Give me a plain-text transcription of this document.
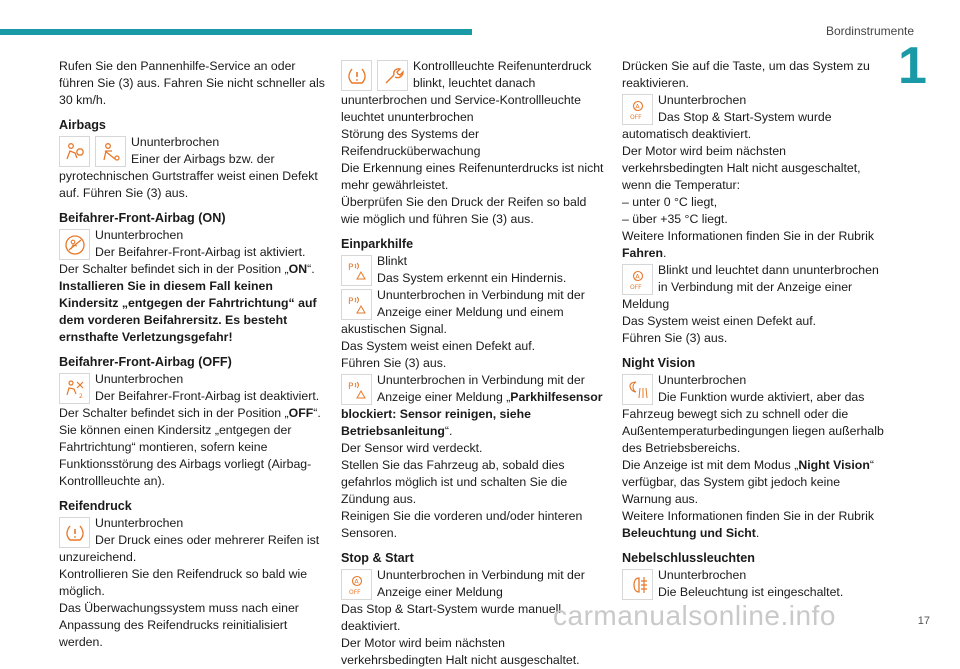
Bordinstrumente
1

Rufen Sie den Pannenhilfe-Service an oder führen Sie (3) aus. Fahren Sie nicht schneller als 30 km/h.

Airbags
Ununterbrochen
Einer der Airbags bzw. der pyrotechnischen Gurtstraffer weist einen Defekt auf. Führen Sie (3) aus.
Beifahrer-Front-Airbag (ON)
Ununterbrochen
Der Beifahrer-Front-Airbag ist aktiviert.
Der Schalter befindet sich in der Position „ON“.
Installieren Sie in diesem Fall keinen Kindersitz „entgegen der Fahrtrichtung“ auf dem vorderen Beifahrersitz. Es besteht ernsthafte Verletzungsgefahr!
Beifahrer-Front-Airbag (OFF)
2
Ununterbrochen
Der Beifahrer-Front-Airbag ist deaktiviert.
Der Schalter befindet sich in der Position „OFF“.
Sie können einen Kindersitz „entgegen der Fahrtrichtung“ montieren, sofern keine Funktionsstörung des Airbags vorliegt (Airbag-Kontrollleuchte an).
Reifendruck
Ununterbrochen
Der Druck eines oder mehrerer Reifen ist unzureichend.
Kontrollieren Sie den Reifendruck so bald wie möglich.
Das Überwachungssystem muss nach einer Anpassung des Reifendrucks reinitialisiert werden.
Kontrollleuchte Reifenunterdruck blinkt, leuchtet danach ununterbrochen und Service-Kontrollleuchte leuchtet ununterbrochen
Störung des Systems der Reifendrucküberwachung
Die Erkennung eines Reifenunterdrucks ist nicht mehr gewährleistet.
Überprüfen Sie den Druck der Reifen so bald wie möglich und führen Sie (3) aus.
Einparkhilfe
P Blinkt
Das System erkennt ein Hindernis.
P Ununterbrochen in Verbindung mit der Anzeige einer Meldung und einem akustischen Signal.
Das System weist einen Defekt auf.
Führen Sie (3) aus.
P Ununterbrochen in Verbindung mit der Anzeige einer Meldung „Parkhilfesensor blockiert: Sensor reinigen, siehe Betriebsanleitung“.
Der Sensor wird verdeckt.
Stellen Sie das Fahrzeug ab, sobald dies gefahrlos möglich ist und schalten Sie die Zündung aus.
Reinigen Sie die vorderen und/oder hinteren Sensoren.
Stop & Start
A
OFF
Ununterbrochen in Verbindung mit der Anzeige einer Meldung
Das Stop & Start-System wurde manuell deaktiviert.
Der Motor wird beim nächsten verkehrsbedingten Halt nicht ausgeschaltet.
Drücken Sie auf die Taste, um das System zu reaktivieren.
A
OFF
Ununterbrochen
Das Stop & Start-System wurde automatisch deaktiviert.
Der Motor wird beim nächsten verkehrsbedingten Halt nicht ausgeschaltet, wenn die Temperatur:
– unter 0 °C liegt,
– über +35 °C liegt.
Weitere Informationen finden Sie in der Rubrik Fahren.
A
OFF
Blinkt und leuchtet dann ununterbrochen in Verbindung mit der Anzeige einer Meldung
Das System weist einen Defekt auf.
Führen Sie (3) aus.
Night Vision
Ununterbrochen
Die Funktion wurde aktiviert, aber das Fahrzeug bewegt sich zu schnell oder die Außentemperaturbedingungen liegen außerhalb des Betriebsbereichs.
Die Anzeige ist mit dem Modus „Night Vision“ verfügbar, das System gibt jedoch keine Warnung aus.
Weitere Informationen finden Sie in der Rubrik Beleuchtung und Sicht.
Nebelschlussleuchten
Ununterbrochen
Die Beleuchtung ist eingeschaltet.
carmanualsonline.info	17
